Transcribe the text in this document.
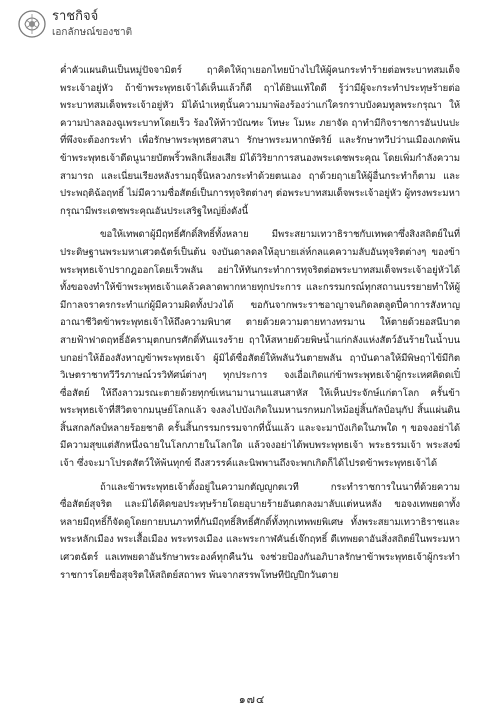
ราชกิจจ์
เอกลักษณ์ของชาติ

ค่ำคัวแผนดินเป็นหมู่ปัจจามิตร์ ฤาคิดให้ฤาเยอกไทยบ้างไปให้ผู้คนกระทำร้ายต่อพระบาทสมเด็จพระเจ้าอยู่หัว ถ้าข้าพระพุทธเจ้าได้เห็นแล้วก็ดี ฤาได้ยินแท้ใดดี รู้ว่ามีผู้จะกระทำประทุษร้ายต่อพระบาทสมเด็จพระเจ้าอยู่หัว มิได้นำเหตุนั้นความมาพ้องร้องว่าแก่ใครกราบบังคมทูลพระกรุณา ให้ความป่าลลองฉูเพระบาทโดยเร็ว ร้องให้ท้าวบัณฑะ โทษะ โมหะ ภยาจัด ฤาทำมีกิจราชการอันปนปะที่พึงจะต้องกระทำ เพื่อรักษาพระพุทธศาสนา รักษาพระมหากษัตริย์ และรักษาทวีปว่านเมืองเกดพ้น ข้าพระพุทธเจ้าดีดนูนายบัตพริ้วพลิกเลี่ยงเสีย มิได้วิริยาการสนองพระเดชพระคุณ โดยเพิ่มกำลังความสามารถ และเนี่ยนเรียงหลังรามฤจี้นิหลวงกระทำด้วยตนเอง ฤาด้วยฤาเยให้ผู้อื่นกระทำก็ตาม และประพฤติฉ้อฤทธิ์ ไม่มีความซื่อสัตย์เป็นการทุจริตต่างๆ ต่อพระบาทสมเด็จพระเจ้าอยู่หัว ผู้ทรงพระมหากรุณามีพระเดชพระคุณอันประเสริฐใหญ่ยิ่งดังนี้

ขอให้เทพดาผู้มีฤทธิ์ศักดิ์สิทธิ์ทั้งหลาย มีพระสยามเทวาธิราชกับเทพดาซึ่งสิงสถิตย์ในที่ประดิษฐานพระมหาเศวตฉัตร์เป็นต้น จงบันดาลดลให้อุบายเล่ห์กลแคความลับอันทุจริตต่างๆ ของข้าพระพุทธเจ้าปรากฎออกโดยเร็วพลัน อย่าให้ทันกระทำการทุจริตต่อพระบาทสมเด็จพระเจ้าอยู่หัวได้ ทั้งขอจงทำให้ข้าพระพุทธเจ้าแคล้วคลาดพากหายทุกประการ และกรรมกรณ์ทุกสถานบรรยายทำให้ผู้มีกาลจราครกระทำแก่ผู้มีความผิดทั้งปวงได้ ขอกันจากพระราชอาญาจนกิดลตลูดปี๋คาการสังหาญอาณาชีวิตข้าพระพุทธเจ้าให้ถึงความพิบาศ ตายด้วยความตายทางทรมาน ให้ตายด้วยอสนีบาต สายฟ้าฟาดฤทธิ์อัครามุตกบกรศักดิ์ทันแรงร้าย ฤาให้สหายด้วยพิษน้ำแก่กลังแห่งสัตว์อันร้ายในน้ำบนบกอย่าให้ฮ้องสังหาญข้าพระพุทธเจ้า ผู้มิได้ซื่อสัตย์ให้พลันวันตายพลัน ฤาบันดาลให้มีพิษฤาไข้มีกิตวิเษตราชาทวีวีรภาษณ์วรวิทัศน์ต่างๆ ทุกประการ จงเอื่อเกิดแก่ข้าพระพุทธเจ้าผู้กระเหศคิดดเปิ๋ซื่อสัตย์ ให้ถึงลาวมรณะตายด้วยทุกข์เหนามานานแสนสาหัส ให้เห็นประจักษ์แก่ตาโลก ครั้นข้าพระพุทธเจ้าที่สีวิตจากมนุษย์โลกแล้ว จงลงไปบังเกิดในมหานรกหมกไหม้อยู่สิ้นกัลป์อนุกัป สิ้นแผ่นดินสิ้นสกลกัลป์หลายร้อยชาติ ครั้นสิ้นกรรมกรรมจากที่นั้นแล้ว และจะมาบังเกิดในภพใด ๆ ขอจงอย่าได้มีความสุขแต่สักหนึ่งฉายในโลกภายในโลกใด แล้วจงอย่าได้พบพระพุทธเจ้า พระธรรมเจ้า พระสงฆ์เจ้า ซึ่งจะมาโปรดสัตว์ให้พ้นทุกข์ ถึงสวรรค์และนิพพานถึงจะพกเกิดก็ได้ไปรดข้าพระพุทธเจ้าได้

ถ้าและข้าพระพุทธเจ้าตั้งอยู่ในความกตัญญูกตเวที กระทำราชการในนาที่ด้วยความซื่อสัตย์สุจริต และมิได้คิดขอประทุษร้ายโดยอุบายร้ายอันตกลงมาลับแต่หนหลัง ขอจงเทพยดาทั้งหลายมีฤทธิ์ก็จัดดูโดยกายบนภาทที่กันมีฤทธิ์สิทธิ์ศักดิ์ทั้งทุกเทพพยพิเศษ ทั้งพระสยามเทวาธิราชและพระหลักเมือง พระเสื้อเมือง พระทรงเมือง และพระกาฬคันธ์เจ๊กฤทธิ์ ดีเทพยดาอันสิ่งสถิตย์ในพระมหาเศวตฉัตร์ แลเทพยดาอันรักษาพระองค์ทุกคืนวัน จงช่วยป้องกันอภิบาลรักษาข้าพระพุทธเจ้าผู้กระทำราชการโดยซื่อสุจริตให้สถิตย์สถาพร พ้นจากสรรพโทษทีปัญปีกวันตาย

๑๗๔
